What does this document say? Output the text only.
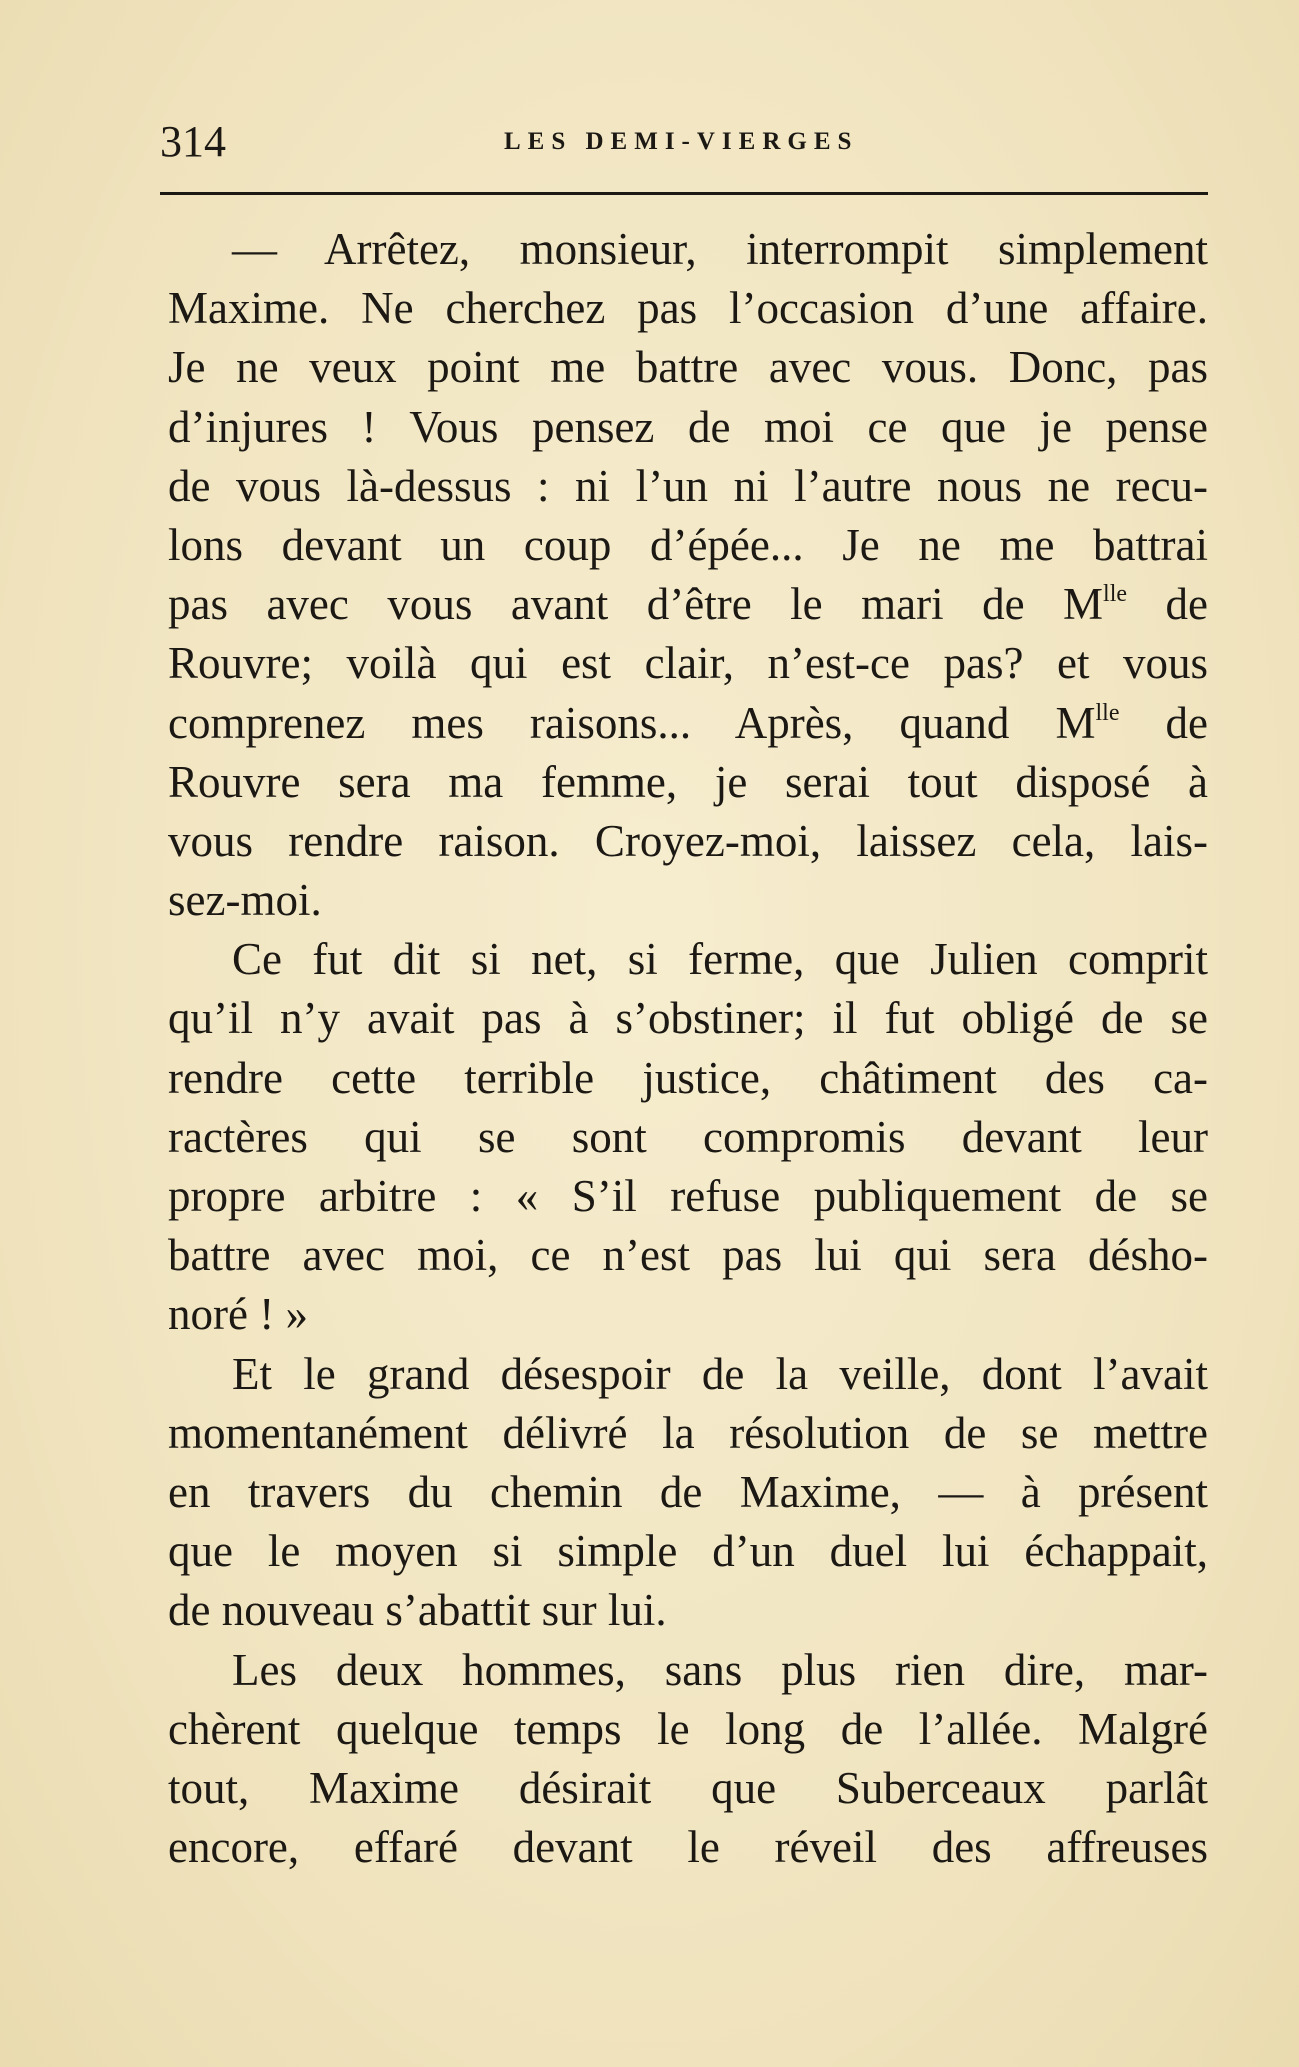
314	LES DEMI-VIERGES
— Arrêtez, monsieur, interrompit simplement
Maxime. Ne cherchez pas l’occasion d’une affaire.
Je ne veux point me battre avec vous. Donc, pas
d’injures ! Vous pensez de moi ce que je pense
de vous là-dessus : ni l’un ni l’autre nous ne recu-
lons devant un coup d’épée... Je ne me battrai
pas avec vous avant d’être le mari de $M^{lle}$ de
Rouvre; voilà qui est clair, n’est-ce pas? et vous
comprenez mes raisons... Après, quand $M^{lle}$ de
Rouvre sera ma femme, je serai tout disposé à
vous rendre raison. Croyez-moi, laissez cela, lais-
sez-moi.
Ce fut dit si net, si ferme, que Julien comprit
qu’il n’y avait pas à s’obstiner; il fut obligé de se
rendre cette terrible justice, châtiment des ca-
ractères qui se sont compromis devant leur
propre arbitre : « S’il refuse publiquement de se
battre avec moi, ce n’est pas lui qui sera désho-
noré ! »
Et le grand désespoir de la veille, dont l’avait
momentanément délivré la résolution de se mettre
en travers du chemin de Maxime, — à présent
que le moyen si simple d’un duel lui échappait,
de nouveau s’abattit sur lui.
Les deux hommes, sans plus rien dire, mar-
chèrent quelque temps le long de l’allée. Malgré
tout, Maxime désirait que Suberceaux parlât
encore, effaré devant le réveil des affreuses
